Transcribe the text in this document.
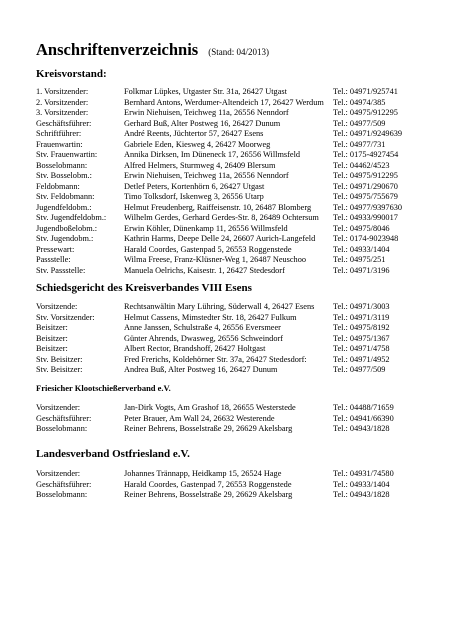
Anschriftenverzeichnis (Stand: 04/2013)
Kreisvorstand:
1. Vorsitzender:	Folkmar Lüpkes, Utgaster Str. 31a, 26427 Utgast	Tel.: 04971/925741
2. Vorsitzender:	Bernhard Antons, Werdumer-Altendeich 17, 26427 Werdum Tel.: 04974/385
3. Vorsitzender:	Erwin Niehuisen, Teichweg 11a, 26556 Nenndorf	Tel.: 04975/912295
Geschäftsführer:	Gerhard Buß, Alter Postweg 16, 26427 Dunum	Tel.: 04977/509
Schriftführer:	André Reents, Jüchtertor 57, 26427 Esens	Tel.: 04971/9249639
Frauenwartin:	Gabriele Eden, Kiesweg 4, 26427 Moorweg	Tel.: 04977/731
Stv. Frauenwartin:	Annika Dirksen, Im Düneneck 17, 26556 Willmsfeld	Tel.: 0175-4927454
Bosselobmann:	Alfred Helmers, Sturmweg 4, 26409 Blersum	Tel.: 04462/4523
Stv. Bosselobm.:	Erwin Niehuisen, Teichweg 11a, 26556 Nenndorf	Tel.: 04975/912295
Feldobmann:	Detlef Peters, Kortenhörn 6, 26427 Utgast	Tel.: 04971/290670
Stv. Feldobmann:	Timo Tolksdorf, Iskenweg 3, 26556 Utarp	Tel.: 04975/755679
Jugendfeldobm.:	Helmut Freudenberg, Raiffeisenstr. 10, 26487 Blomberg	Tel.: 04977/9397630
Stv. Jugendfeldobm.: Wilhelm Gerdes, Gerhard Gerdes-Str. 8, 26489 Ochtersum Tel.: 04933/990017
Jugendboßelobm.:	Erwin Köhler, Dünenkamp 11, 26556 Willmsfeld	Tel.: 04975/8046
Stv. Jugendobm.:	Kathrin Harms, Deepe Delle 24, 26607 Aurich-Langefeld Tel.: 0174-9023948
Pressewart:	Harald Coordes, Gastenpad 5, 26553 Roggenstede	Tel.: 04933/1404
Passstelle:	Wilma Freese, Franz-Klüsner-Weg 1, 26487 Neuschoo	Tel.: 04975/251
Stv. Passstelle:	Manuela Oelrichs, Kaisestr. 1, 26427 Stedesdorf	Tel.: 04971/3196
Schiedsgericht des Kreisverbandes VIII Esens
Vorsitzende:	Rechtsanwältin Mary Lühring, Süderwall 4, 26427 Esens Tel.: 04971/3003
Stv. Vorsitzender:	Helmut Cassens, Mimstedter Str. 18, 26427 Fulkum	Tel.: 04971/3119
Beisitzer:	Anne Janssen, Schulstraße 4, 26556 Eversmeer	Tel.: 04975/8192
Beisitzer:	Günter Ahrends, Dwasweg, 26556 Schweindorf	Tel.: 04975/1367
Beisitzer:	Albert Rector, Brandshoff, 26427 Holtgast	Tel.: 04971/4758
Stv. Beisitzer:	Fred Frerichs, Koldehörner Str. 37a, 26427 Stedesdorf:	Tel.: 04971/4952
Stv. Beisitzer:	Andrea Buß, Alter Postweg 16, 26427 Dunum	Tel.: 04977/509
Friesicher Klootschießerverband e.V.
Vorsitzender:	Jan-Dirk Vogts, Am Grashof 18, 26655 Westerstede	Tel.: 04488/71659
Geschäftsführer:	Peter Brauer, Am Wall 24, 26632 Westerende	Tel.: 04941/66390
Bosselobmann:	Reiner Behrens, Bosselstraße 29, 26629 Akelsbarg	Tel.: 04943/1828
Landesverband Ostfriesland e.V.
Vorsitzender:	Johannes Trännapp, Heidkamp 15, 26524 Hage	Tel.: 04931/74580
Geschäftsführer:	Harald Coordes, Gastenpad 7, 26553 Roggenstede	Tel.: 04933/1404
Bosselobmann:	Reiner Behrens, Bosselstraße 29, 26629 Akelsbarg	Tel.: 04943/1828
